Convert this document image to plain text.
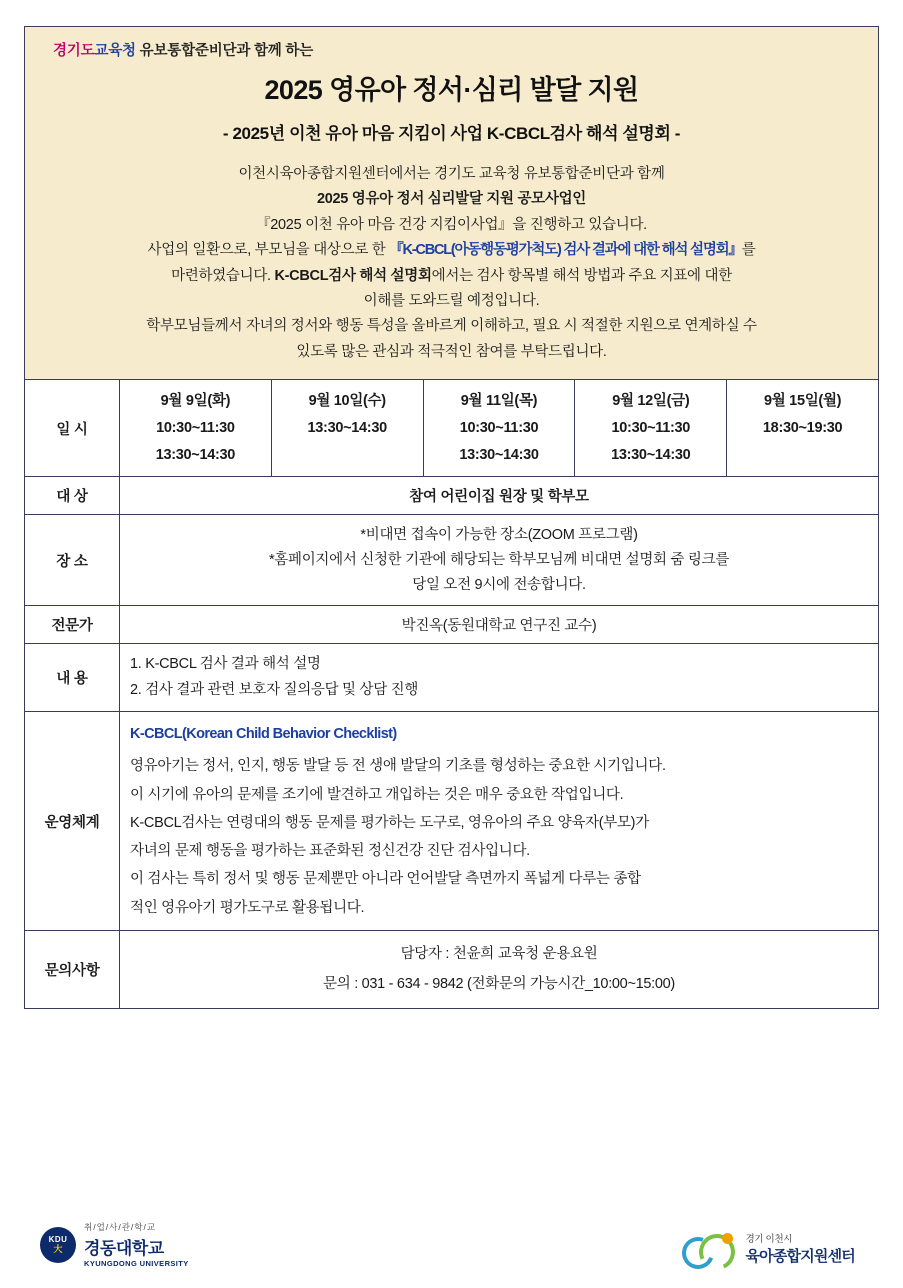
경기도교육청 유보통합준비단과 함께 하는
2025 영유아 정서·심리 발달 지원
- 2025년 이천 유아 마음 지킴이 사업 K-CBCL검사 해석 설명회 -

이천시육아종합지원센터에서는 경기도 교육청 유보통합준비단과 함께

2025 영유아 정서 심리발달 지원 공모사업인

『2025 이천 유아 마음 건강 지킴이사업』을 진행하고 있습니다.

사업의 일환으로, 부모님을 대상으로 한 『K-CBCL(아동행동평가척도) 검사 결과에 대한 해석 설명회』를

마련하였습니다. K-CBCL검사 해석 설명회에서는 검사 항목별 해석 방법과 주요 지표에 대한

이해를 도와드릴 예정입니다.

학부모님들께서 자녀의 정서와 행동 특성을 올바르게 이해하고, 필요 시 적절한 지원으로 연계하실 수

있도록 많은 관심과 적극적인 참여를 부탁드립니다.

일 시	
9월 9일(화)
10:30~11:30
13:30~14:30

9월 10일(수)
13:30~14:30

9월 11일(목)
10:30~11:30
13:30~14:30

9월 12일(금)
10:30~11:30
13:30~14:30

9월 15일(월)
18:30~19:30

대 상	참여 어린이집 원장 및 학부모				
장 소	*비대면 접속이 가능한 장소(ZOOM 프로그램)
*홈페이지에서 신청한 기관에 해당되는 학부모님께 비대면 설명회 줌 링크를
당일 오전 9시에 전송합니다.				

전문가	박진옥(동원대학교 연구진 교수)				
내 용	1. K-CBCL 검사 결과 해석 설명
2. 검사 결과 관련 보호자 질의응답 및 상담 진행				

운영체계	

K-CBCL(Korean Child Behavior Checklist)

영유아기는 정서, 인지, 행동 발달 등 전 생애 발달의 기초를 형성하는 중요한 시기입니다.

이 시기에 유아의 문제를 조기에 발견하고 개입하는 것은 매우 중요한 작업입니다.

K-CBCL검사는 연령대의 행동 문제를 평가하는 도구로, 영유아의 주요 양육자(부모)가

자녀의 문제 행동을 평가하는 표준화된 정신건강 진단 검사입니다.

이 검사는 특히 정서 및 행동 문제뿐만 아니라 언어발달 측면까지 폭넓게 다루는 종합

적인 영유아기 평가도구로 활용됩니다.

문의사항	담당자 : 천윤희 교육청 운용요원
문의 : 031 - 634 - 9842 (전화문의 가능시간_10:00~15:00)				
KDU
大
취/업/사/관/학/교
경동대학교
KYUNGDONG UNIVERSITY
경기 이천시
육아종합지원센터
